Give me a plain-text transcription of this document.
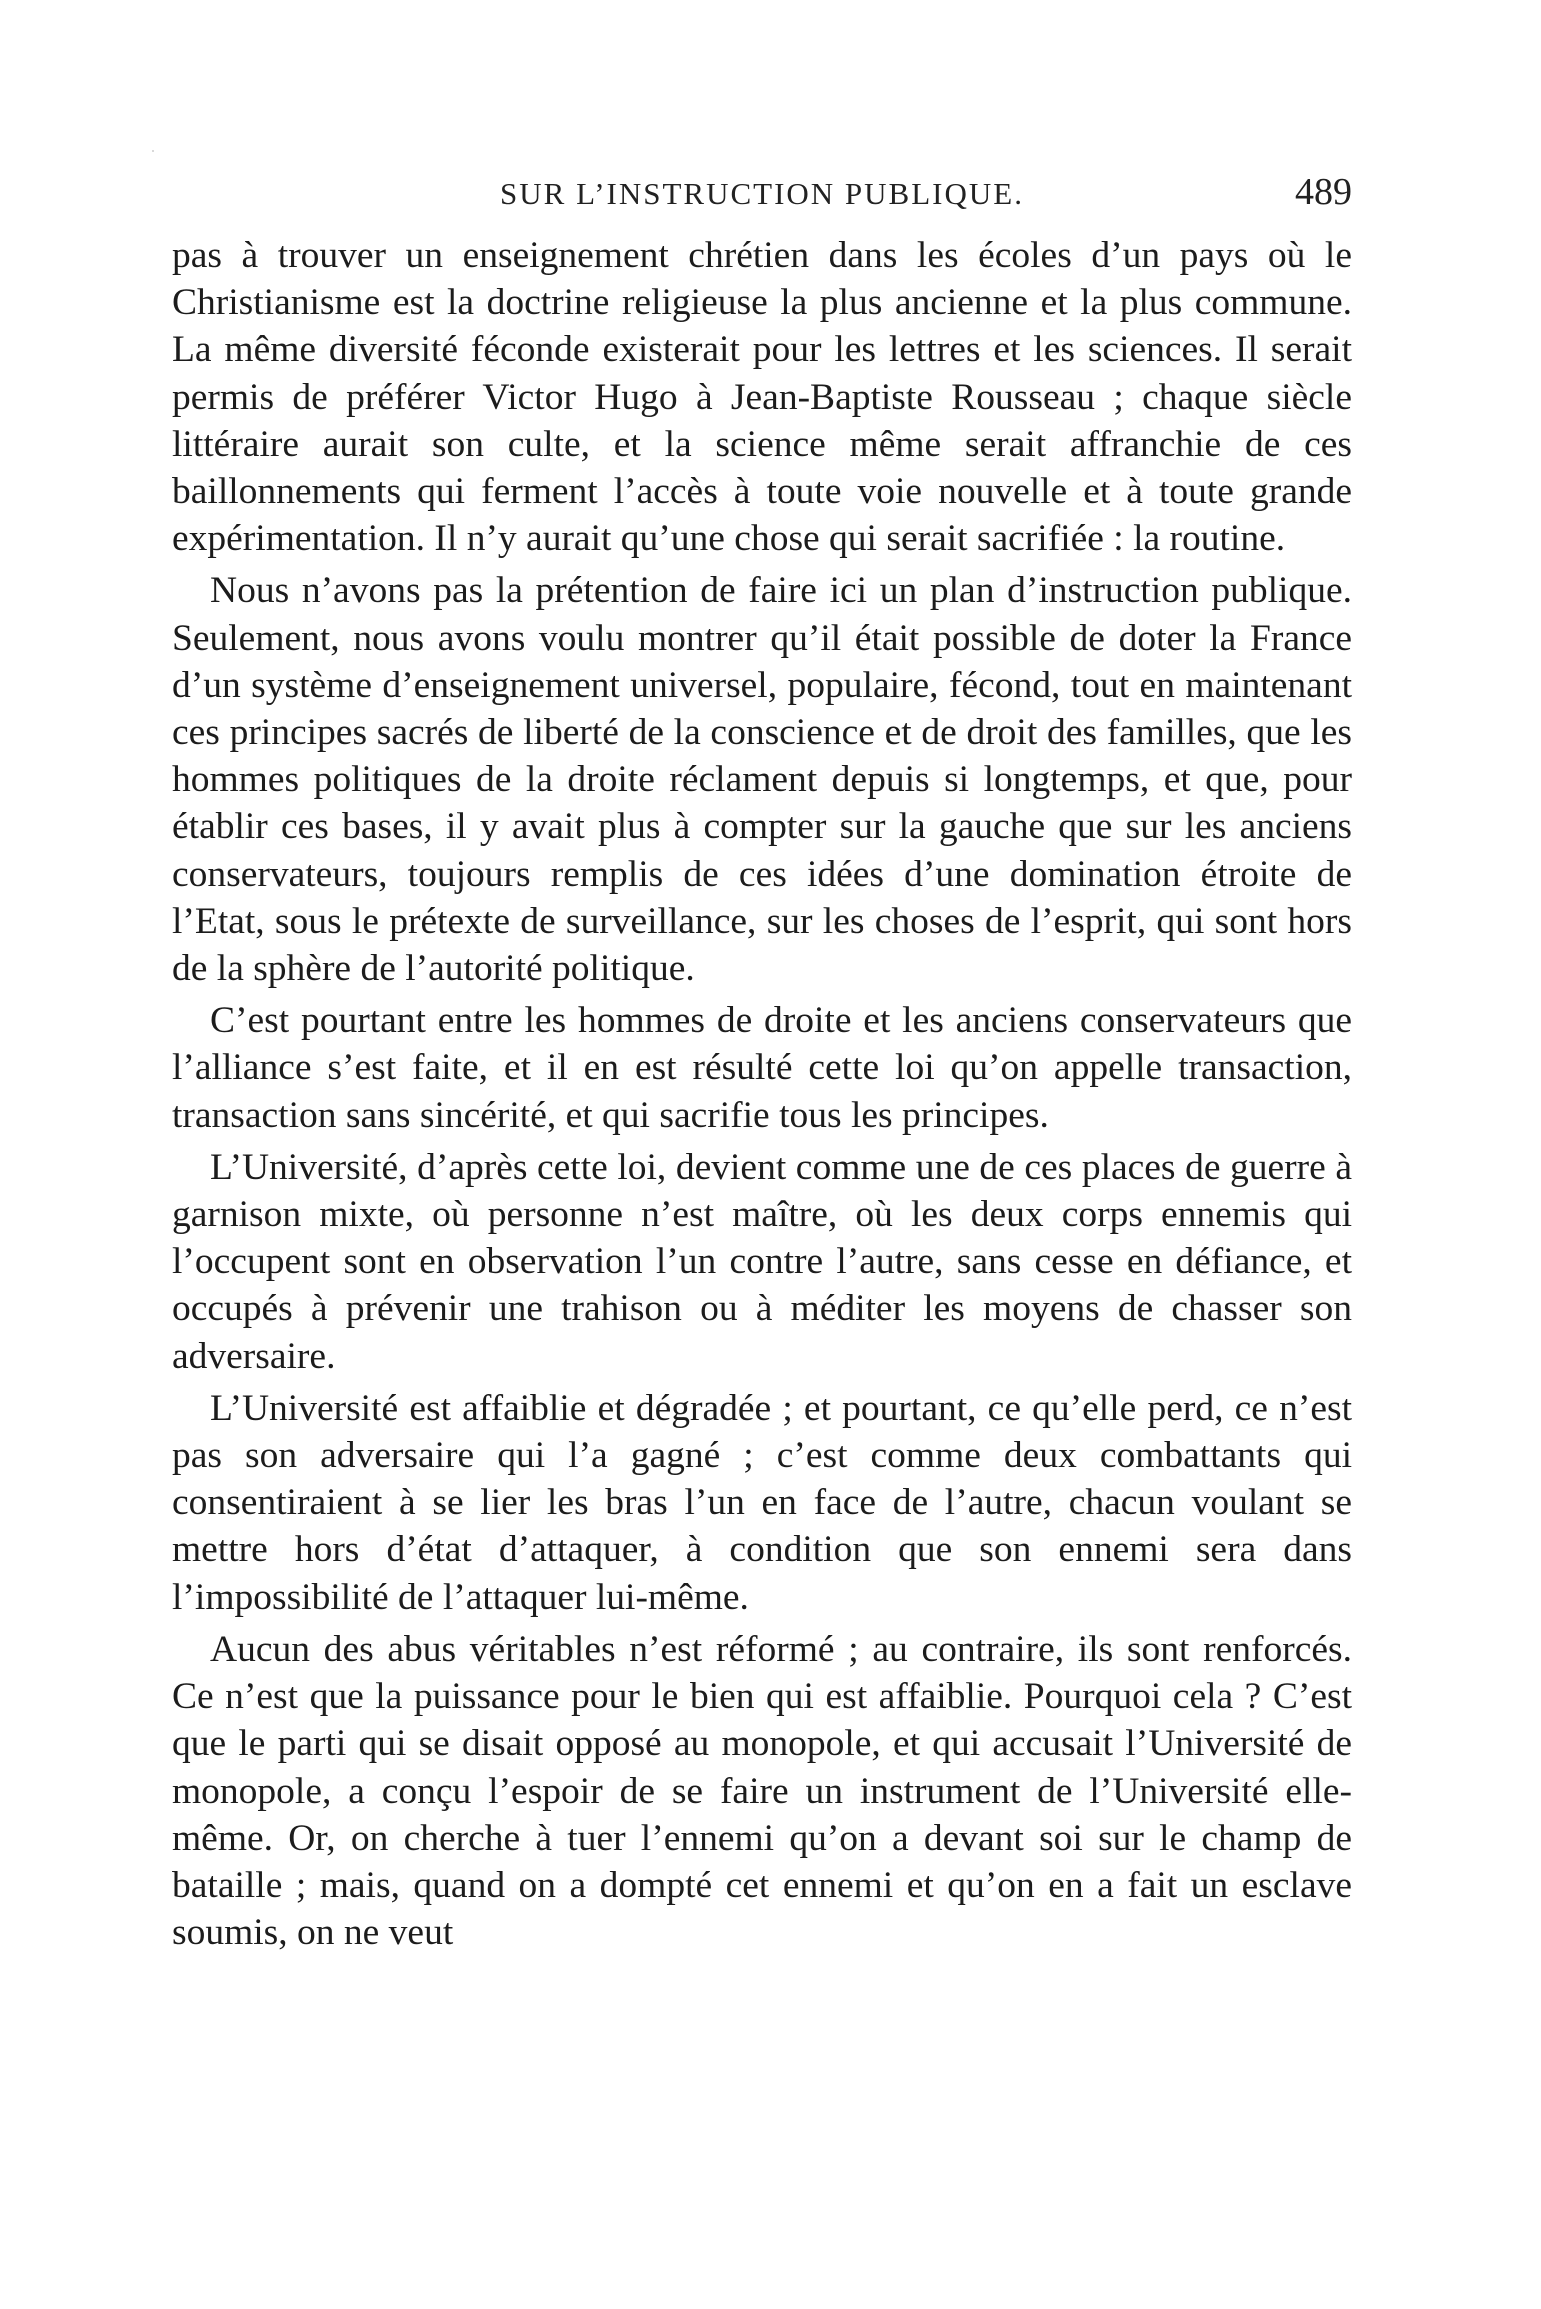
SUR L’INSTRUCTION PUBLIQUE.	489

pas à trouver un enseignement chrétien dans les écoles d’un pays où le Christianisme est la doctrine religieuse la plus ancienne et la plus commune. La même diversité féconde existerait pour les lettres et les sciences. Il serait permis de préférer Victor Hugo à Jean-Baptiste Rousseau ; chaque siècle littéraire aurait son culte, et la science même serait affranchie de ces baillonnements qui ferment l’accès à toute voie nouvelle et à toute grande expérimentation. Il n’y aurait qu’une chose qui serait sacrifiée : la routine.

Nous n’avons pas la prétention de faire ici un plan d’instruction publique. Seulement, nous avons voulu montrer qu’il était possible de doter la France d’un système d’enseignement universel, populaire, fécond, tout en maintenant ces principes sacrés de liberté de la conscience et de droit des familles, que les hommes politiques de la droite réclament depuis si longtemps, et que, pour établir ces bases, il y avait plus à compter sur la gauche que sur les anciens conservateurs, toujours remplis de ces idées d’une domination étroite de l’Etat, sous le prétexte de surveillance, sur les choses de l’esprit, qui sont hors de la sphère de l’autorité politique.

C’est pourtant entre les hommes de droite et les anciens conservateurs que l’alliance s’est faite, et il en est résulté cette loi qu’on appelle transaction, transaction sans sincérité, et qui sacrifie tous les principes.

L’Université, d’après cette loi, devient comme une de ces places de guerre à garnison mixte, où personne n’est maître, où les deux corps ennemis qui l’occupent sont en observation l’un contre l’autre, sans cesse en défiance, et occupés à prévenir une trahison ou à méditer les moyens de chasser son adversaire.

L’Université est affaiblie et dégradée ; et pourtant, ce qu’elle perd, ce n’est pas son adversaire qui l’a gagné ; c’est comme deux combattants qui consentiraient à se lier les bras l’un en face de l’autre, chacun voulant se mettre hors d’état d’attaquer, à condition que son ennemi sera dans l’impossibilité de l’attaquer lui-même.

Aucun des abus véritables n’est réformé ; au contraire, ils sont renforcés. Ce n’est que la puissance pour le bien qui est affaiblie. Pourquoi cela ? C’est que le parti qui se disait opposé au monopole, et qui accusait l’Université de monopole, a conçu l’espoir de se faire un instrument de l’Université elle-même. Or, on cherche à tuer l’ennemi qu’on a devant soi sur le champ de bataille ; mais, quand on a dompté cet ennemi et qu’on en a fait un esclave soumis, on ne veut
